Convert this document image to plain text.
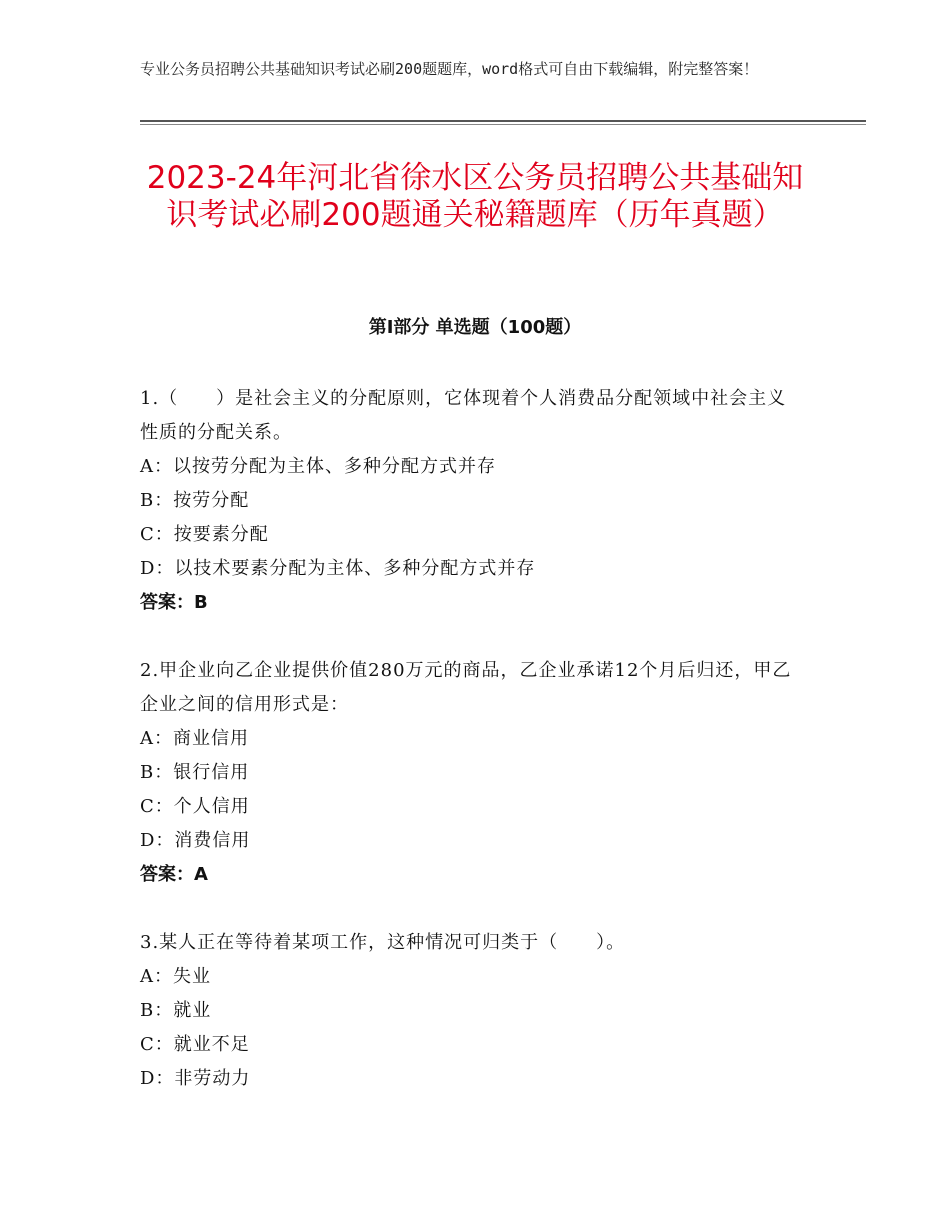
专业公务员招聘公共基础知识考试必刷200题题库，word格式可自由下载编辑，附完整答案！
2023-24年河北省徐水区公务员招聘公共基础知识考试必刷200题通关秘籍题库（历年真题）
第Ⅰ部分 单选题（100题）
1.（　　）是社会主义的分配原则，它体现着个人消费品分配领域中社会主义性质的分配关系。
A：以按劳分配为主体、多种分配方式并存
B：按劳分配
C：按要素分配
D：以技术要素分配为主体、多种分配方式并存
答案：B
2.甲企业向乙企业提供价值280万元的商品，乙企业承诺12个月后归还，甲乙企业之间的信用形式是：
A：商业信用
B：银行信用
C：个人信用
D：消费信用
答案：A
3.某人正在等待着某项工作，这种情况可归类于（　　）。
A：失业
B：就业
C：就业不足
D：非劳动力
